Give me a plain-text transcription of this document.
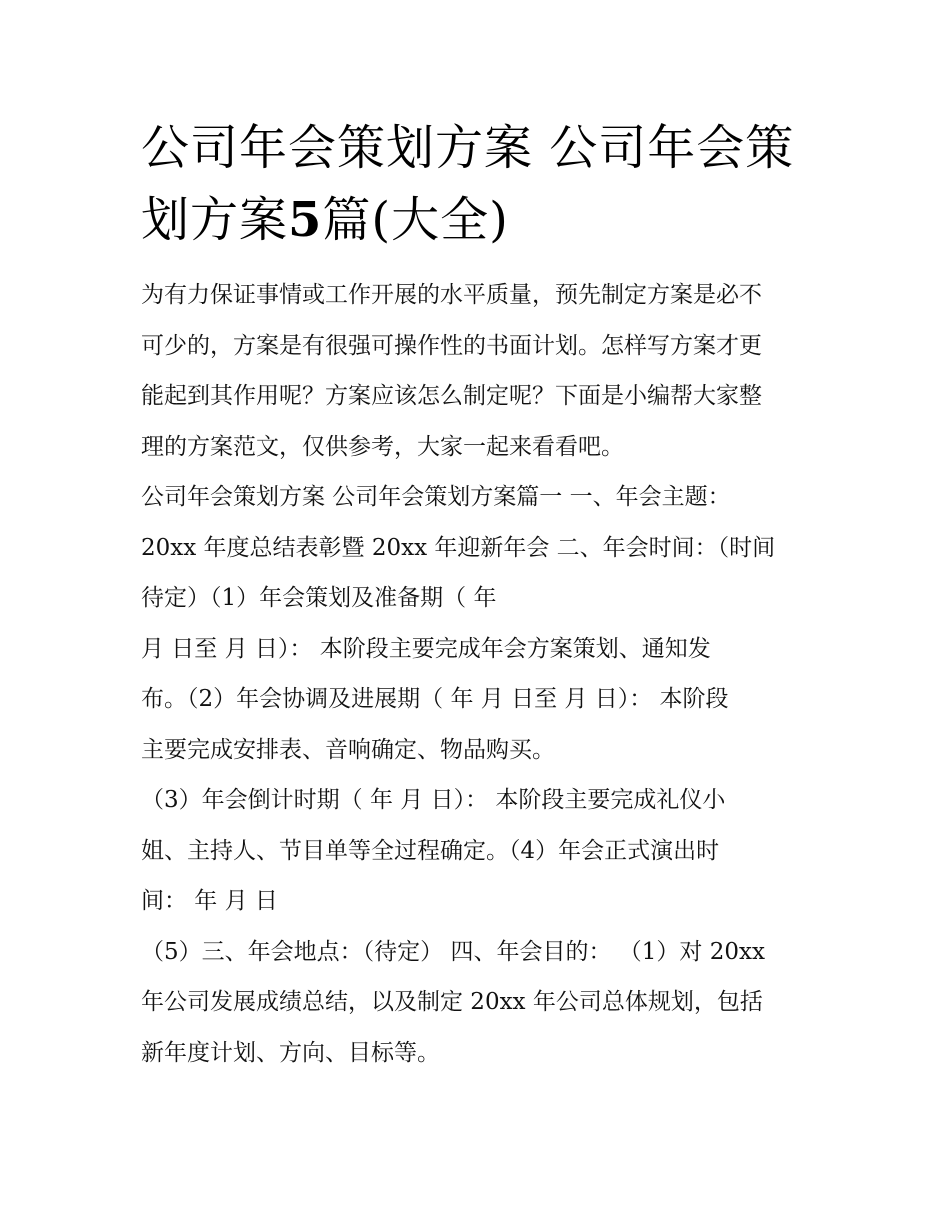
公司年会策划方案 公司年会策
划方案5篇(大全)

为有力保证事情或工作开展的水平质量，预先制定方案是必不
可少的，方案是有很强可操作性的书面计划。怎样写方案才更
能起到其作用呢？方案应该怎么制定呢？下面是小编帮大家整
理的方案范文，仅供参考，大家一起来看看吧。

公司年会策划方案 公司年会策划方案篇一 一、年会主题：
20xx 年度总结表彰暨 20xx 年迎新年会 二、年会时间：（时间
待定）（1）年会策划及准备期（ 年
月 日至 月 日）： 本阶段主要完成年会方案策划、通知发
布。（2）年会协调及进展期（ 年 月 日至 月 日）： 本阶段
主要完成安排表、音响确定、物品购买。
（3）年会倒计时期（ 年 月 日）： 本阶段主要完成礼仪小
姐、主持人、节目单等全过程确定。（4）年会正式演出时
间： 年 月 日
（5）三、年会地点：（待定） 四、年会目的： （1）对 20xx
年公司发展成绩总结，以及制定 20xx 年公司总体规划，包括
新年度计划、方向、目标等。
